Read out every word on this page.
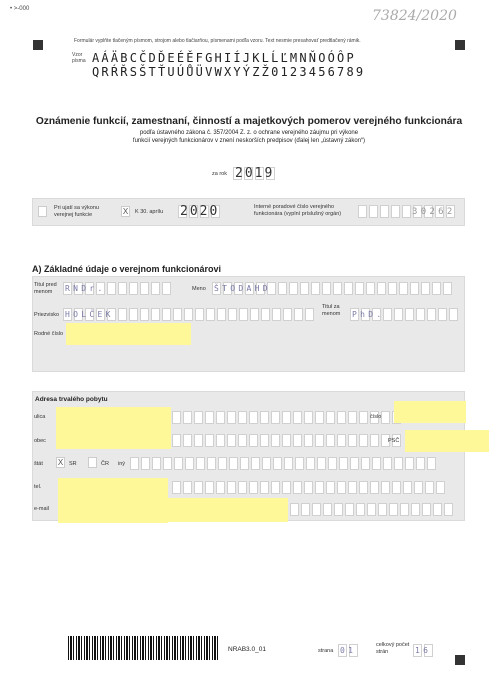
• >-000	73824/2020
Formulár vyplňte tlačeným písmom, strojom alebo tlačiarňou, písmenami podľa vzoru. Text nesmie presahovať predtlačený rámik.
Vzor písma AÁÄBCČDĎEÉĚFGHIÍJKLĹĽMNŇOÓÔP
QRŔŘSŠTŤUÚŮÜVWXYÝZŽ0123456789
Oznámenie funkcií, zamestnaní, činností a majetkových pomerov verejného funkcionára
podľa ústavného zákona č. 357/2004 Z. z. o ochrane verejného záujmu pri výkone
funkcií verejných funkcionárov v znení neskorších predpisov (ďalej len „ústavný zákon“)
za rok 2019
Pri ujatí sa výkonu verejnej funkcie	X	K 30. aprílu 2020	Interné poradové číslo verejného funkcionára (vyplní príslušný orgán)	30262
A) Základné údaje o verejnom funkcionárovi
Titul pred menom	RNDr.	Meno ŠTODAHD
Priezvisko HOLČEK
Titul za menom	PhD.
Rodné číslo
Adresa trvalého pobytu
ulica	číslo
obec	PSČ
štát X	SR	ČR iný
tel.
e-mail
NRAB3.0_01	strana 01
celkový počet strán	16
